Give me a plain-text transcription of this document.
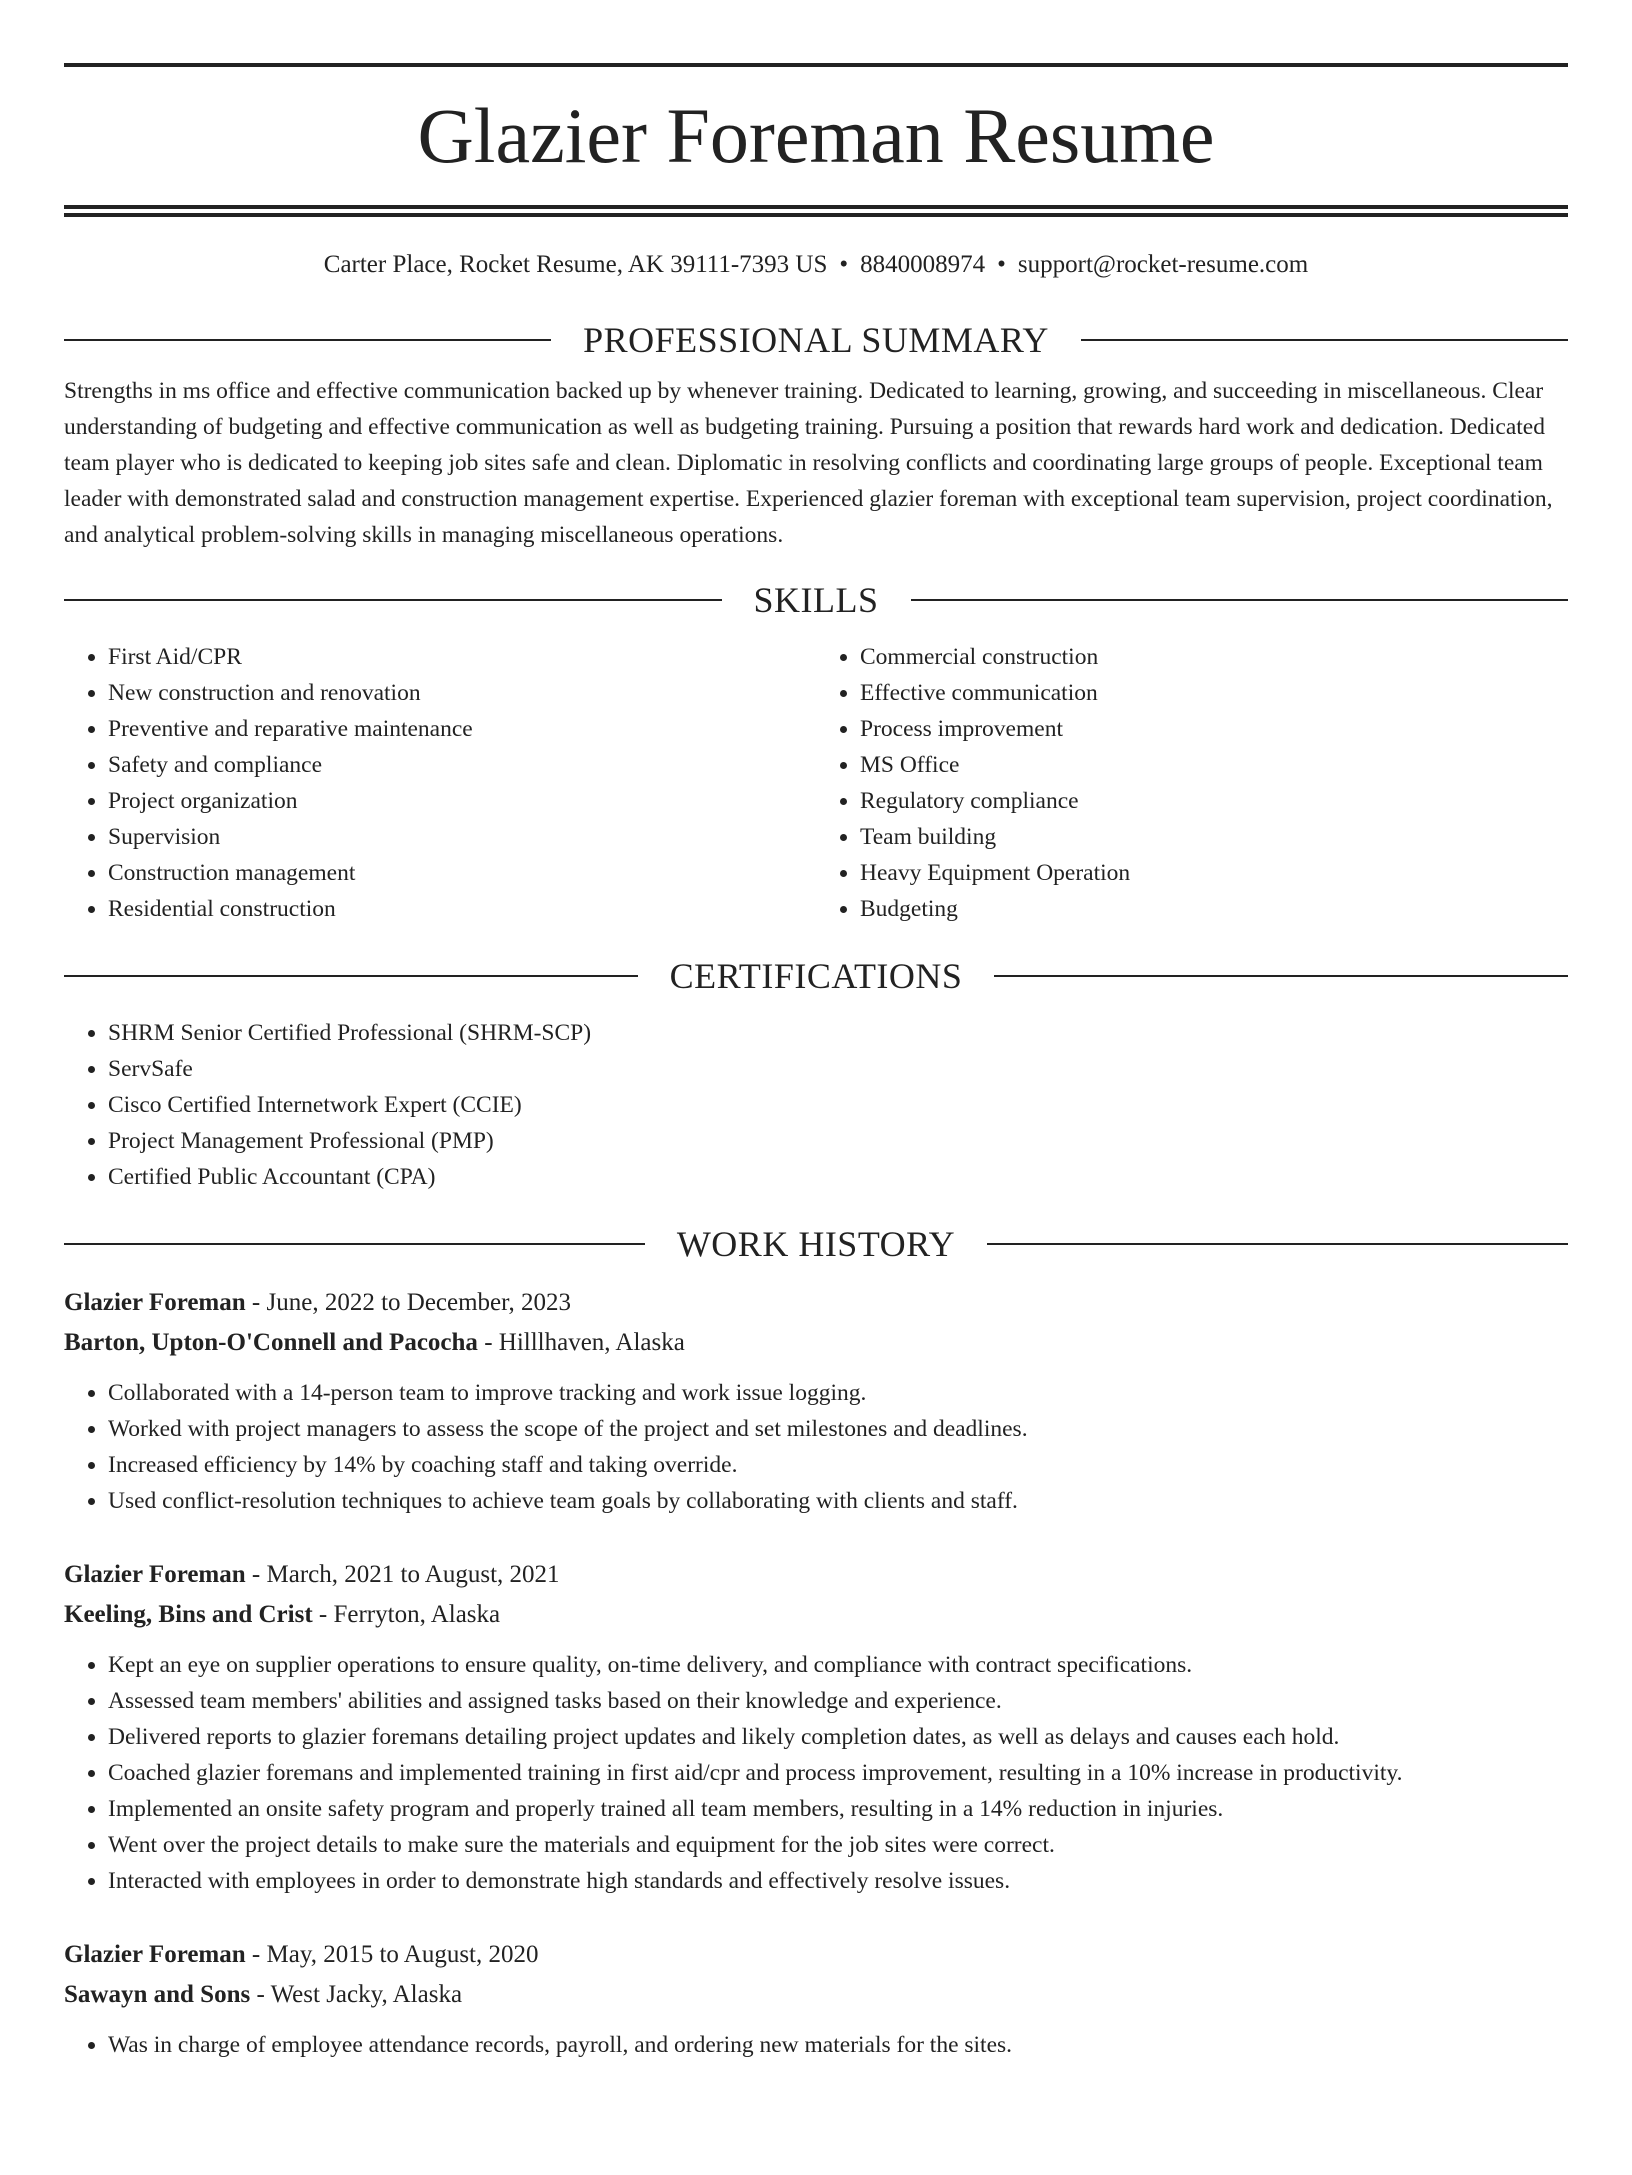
Glazier Foreman Resume
Carter Place, Rocket Resume, AK 39111-7393 US • 8840008974 • support@rocket-resume.com
PROFESSIONAL SUMMARY

Strengths in ms office and effective communication backed up by whenever training. Dedicated to learning, growing, and succeeding in miscellaneous. Clear understanding of budgeting and effective communication as well as budgeting training. Pursuing a position that rewards hard work and dedication. Dedicated team player who is dedicated to keeping job sites safe and clean. Diplomatic in resolving conflicts and coordinating large groups of people. Exceptional team leader with demonstrated salad and construction management expertise. Experienced glazier foreman with exceptional team supervision, project coordination, and analytical problem-solving skills in managing miscellaneous operations.

SKILLS
• First Aid/CPR
• New construction and renovation
• Preventive and reparative maintenance
• Safety and compliance
• Project organization
• Supervision
• Construction management
• Residential construction
• Commercial construction
• Effective communication
• Process improvement
• MS Office
• Regulatory compliance
• Team building
• Heavy Equipment Operation
• Budgeting
CERTIFICATIONS
• SHRM Senior Certified Professional (SHRM-SCP)
• ServSafe
• Cisco Certified Internetwork Expert (CCIE)
• Project Management Professional (PMP)
• Certified Public Accountant (CPA)
WORK HISTORY
Glazier Foreman - June, 2022 to December, 2023
Barton, Upton-O'Connell and Pacocha - Hilllhaven, Alaska
• Collaborated with a 14-person team to improve tracking and work issue logging.
• Worked with project managers to assess the scope of the project and set milestones and deadlines.
• Increased efficiency by 14% by coaching staff and taking override.
• Used conflict-resolution techniques to achieve team goals by collaborating with clients and staff.
Glazier Foreman - March, 2021 to August, 2021
Keeling, Bins and Crist - Ferryton, Alaska
• Kept an eye on supplier operations to ensure quality, on-time delivery, and compliance with contract specifications.
• Assessed team members' abilities and assigned tasks based on their knowledge and experience.
• Delivered reports to glazier foremans detailing project updates and likely completion dates, as well as delays and causes each hold.
• Coached glazier foremans and implemented training in first aid/cpr and process improvement, resulting in a 10% increase in productivity.
• Implemented an onsite safety program and properly trained all team members, resulting in a 14% reduction in injuries.
• Went over the project details to make sure the materials and equipment for the job sites were correct.
• Interacted with employees in order to demonstrate high standards and effectively resolve issues.
Glazier Foreman - May, 2015 to August, 2020
Sawayn and Sons - West Jacky, Alaska
• Was in charge of employee attendance records, payroll, and ordering new materials for the sites.
